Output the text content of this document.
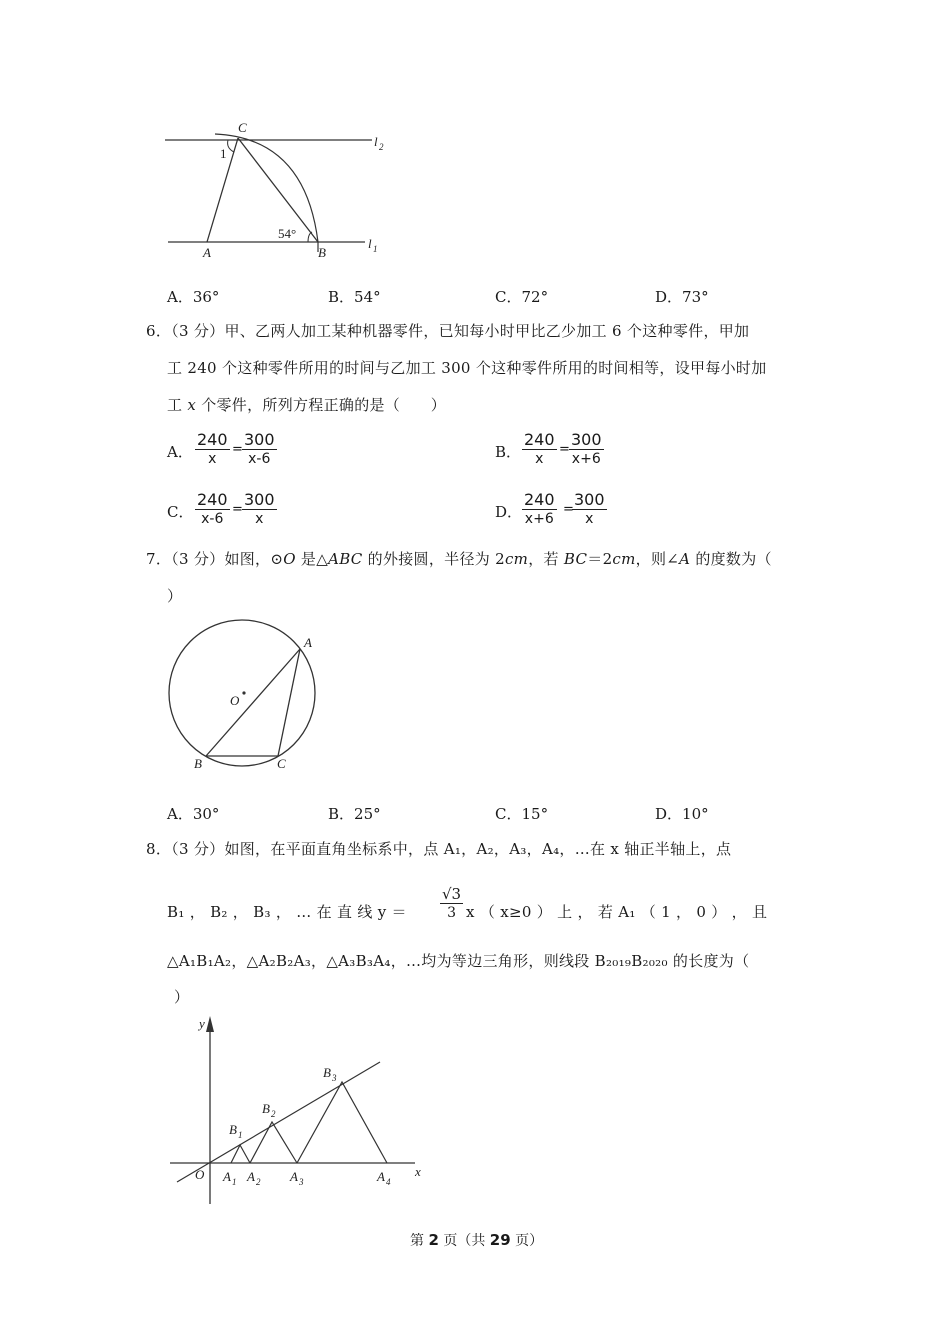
C
A	B
l 2
l 1
1
54°
A．36°	B．54°	C．72°	D．73°
6．（3 分）甲、乙两人加工某种机器零件，已知每小时甲比乙少加工 6 个这种零件，甲加
工 240 个这种零件所用的时间与乙加工 300 个这种零件所用的时间相等，设甲每小时加
工 x 个零件，所列方程正确的是（　　）
A． $\frac{240}{x} = \frac{300}{x-6}$	B． $\frac{240}{x} = \frac{300}{x+6}$
C． $\frac{240}{x-6} = \frac{300}{x}$	D． $\frac{240}{x+6}$ =
$\frac{300}{x}$
7．（3 分）如图，⊙O 是△ABC 的外接圆，半径为 2cm，若 BC＝2cm，则∠A 的度数为（
）
A
O
B	C
A．30°	B．25°	C．15°	D．10°
8．（3 分）如图，在平面直角坐标系中，点 A₁，A₂，A₃，A₄，…在 x 轴正半轴上，点
B₁ ， B₂ ， B₃ ， … 在 直 线 $y = \frac{√3}{3}$ x （ x≥0 ） 上 ， 若 A₁ （ 1 ， 0 ） ， 且
△A₁B₁A₂，△A₂B₂A₃，△A₃B₃A₄，…均为等边三角形，则线段 B₂₀₁₉B₂₀₂₀ 的长度为（
）
y
x
O A 1 A 2 A 3	A 4
B 1
B 2
B 3
第 2 页（共 29 页）
